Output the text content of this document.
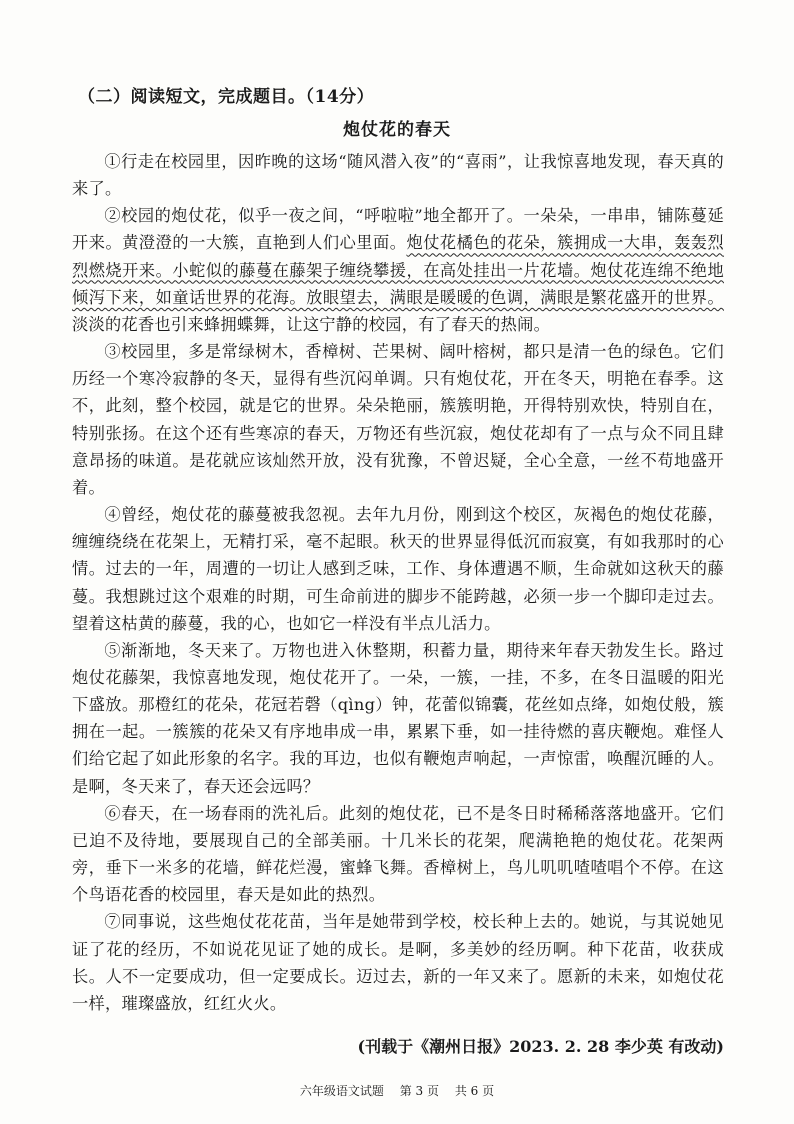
（二）阅读短文，完成题目。（14分）
炮仗花的春天

①行走在校园里，因昨晚的这场“随风潜入夜”的“喜雨”，让我惊喜地发现，春天真的来了。

②校园的炮仗花，似乎一夜之间，“呼啦啦”地全都开了。一朵朵，一串串，铺陈蔓延开来。黄澄澄的一大簇，直艳到人们心里面。炮仗花橘色的花朵，簇拥成一大串，轰轰烈烈燃烧开来。小蛇似的藤蔓在藤架子缠绕攀援，在高处挂出一片花墙。炮仗花连绵不绝地倾泻下来，如童话世界的花海。放眼望去，满眼是暖暖的色调，满眼是繁花盛开的世界。淡淡的花香也引来蜂拥蝶舞，让这宁静的校园，有了春天的热闹。

③校园里，多是常绿树木，香樟树、芒果树、阔叶榕树，都只是清一色的绿色。它们历经一个寒冷寂静的冬天，显得有些沉闷单调。只有炮仗花，开在冬天，明艳在春季。这不，此刻，整个校园，就是它的世界。朵朵艳丽，簇簇明艳，开得特别欢快，特别自在，特别张扬。在这个还有些寒凉的春天，万物还有些沉寂，炮仗花却有了一点与众不同且肆意昂扬的味道。是花就应该灿然开放，没有犹豫，不曾迟疑，全心全意，一丝不苟地盛开着。

④曾经，炮仗花的藤蔓被我忽视。去年九月份，刚到这个校区，灰褐色的炮仗花藤，缠缠绕绕在花架上，无精打采，毫不起眼。秋天的世界显得低沉而寂寞，有如我那时的心情。过去的一年，周遭的一切让人感到乏味，工作、身体遭遇不顺，生命就如这秋天的藤蔓。我想跳过这个艰难的时期，可生命前进的脚步不能跨越，必须一步一个脚印走过去。望着这枯黄的藤蔓，我的心，也如它一样没有半点儿活力。

⑤渐渐地，冬天来了。万物也进入休整期，积蓄力量，期待来年春天勃发生长。路过炮仗花藤架，我惊喜地发现，炮仗花开了。一朵，一簇，一挂，不多，在冬日温暖的阳光下盛放。那橙红的花朵，花冠若磬（qìng）钟，花蕾似锦囊，花丝如点绛，如炮仗般，簇拥在一起。一簇簇的花朵又有序地串成一串，累累下垂，如一挂待燃的喜庆鞭炮。难怪人们给它起了如此形象的名字。我的耳边，也似有鞭炮声响起，一声惊雷，唤醒沉睡的人。是啊，冬天来了，春天还会远吗？

⑥春天，在一场春雨的洗礼后。此刻的炮仗花，已不是冬日时稀稀落落地盛开。它们已迫不及待地，要展现自己的全部美丽。十几米长的花架，爬满艳艳的炮仗花。花架两旁，垂下一米多的花墙，鲜花烂漫，蜜蜂飞舞。香樟树上，鸟儿叽叽喳喳唱个不停。在这个鸟语花香的校园里，春天是如此的热烈。

⑦同事说，这些炮仗花花苗，当年是她带到学校，校长种上去的。她说，与其说她见证了花的经历，不如说花见证了她的成长。是啊，多美妙的经历啊。种下花苗，收获成长。人不一定要成功，但一定要成长。迈过去，新的一年又来了。愿新的未来，如炮仗花一样，璀璨盛放，红红火火。

(刊载于《潮州日报》2023. 2. 28 李少英 有改动)
六年级语文试题 第 3 页 共 6 页
